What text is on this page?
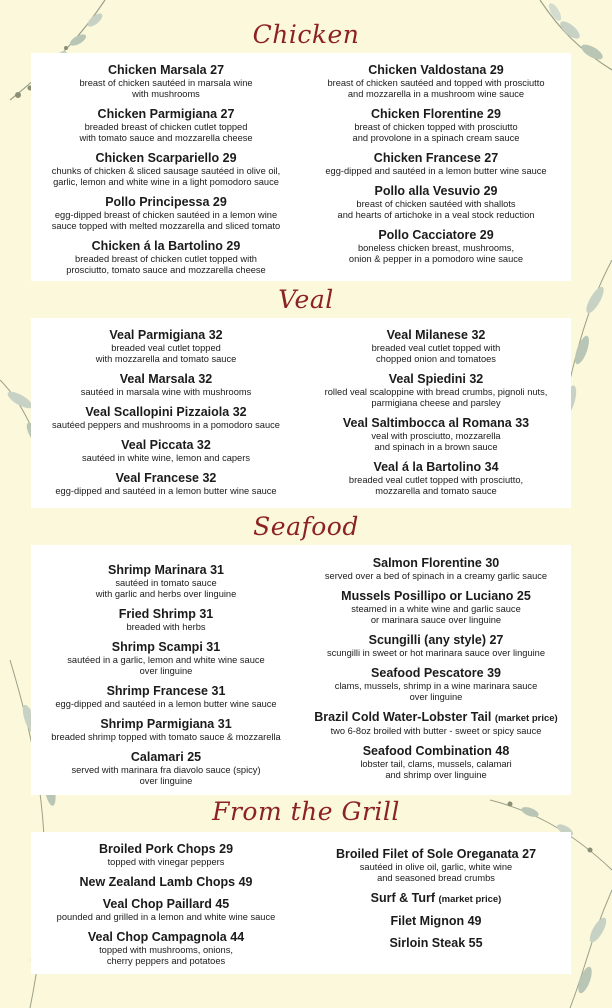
Chicken
Chicken Marsala 27
breast of chicken sautéed in marsala wine
with mushrooms
Chicken Parmigiana 27
breaded breast of chicken cutlet topped
with tomato sauce and mozzarella cheese
Chicken Scarpariello 29
chunks of chicken & sliced sausage sautéed in olive oil,
garlic, lemon and white wine in a light pomodoro sauce
Pollo Principessa 29
egg-dipped breast of chicken sautéed in a lemon wine
sauce topped with melted mozzarella and sliced tomato
Chicken á la Bartolino 29
breaded breast of chicken cutlet topped with
prosciutto, tomato sauce and mozzarella cheese
Chicken Valdostana 29
breast of chicken sautéed and topped with prosciutto
and mozzarella in a mushroom wine sauce
Chicken Florentine 29
breast of chicken topped with prosciutto
and provolone in a spinach cream sauce
Chicken Francese 27
egg-dipped and sautéed in a lemon butter wine sauce
Pollo alla Vesuvio 29
breast of chicken sautéed with shallots
and hearts of artichoke in a veal stock reduction
Pollo Cacciatore 29
boneless chicken breast, mushrooms,
onion & pepper in a pomodoro wine sauce
Veal
Veal Parmigiana 32
breaded veal cutlet topped
with mozzarella and tomato sauce
Veal Marsala 32
sautéed in marsala wine with mushrooms
Veal Scallopini Pizzaiola 32
sautéed peppers and mushrooms in a pomodoro sauce
Veal Piccata 32
sautéed in white wine, lemon and capers
Veal Francese 32
egg-dipped and sautéed in a lemon butter wine sauce
Veal Milanese 32
breaded veal cutlet topped with
chopped onion and tomatoes
Veal Spiedini 32
rolled veal scaloppine with bread crumbs, pignoli nuts,
parmigiana cheese and parsley
Veal Saltimbocca al Romana 33
veal with prosciutto, mozzarella
and spinach in a brown sauce
Veal á la Bartolino 34
breaded veal cutlet topped with prosciutto,
mozzarella and tomato sauce
Seafood
Shrimp Marinara 31
sautéed in tomato sauce
with garlic and herbs over linguine
Fried Shrimp 31
breaded with herbs
Shrimp Scampi 31
sautéed in a garlic, lemon and white wine sauce
over linguine
Shrimp Francese 31
egg-dipped and sautéed in a lemon butter wine sauce
Shrimp Parmigiana 31
breaded shrimp topped with tomato sauce & mozzarella
Calamari 25
served with marinara fra diavolo sauce (spicy)
over linguine
Salmon Florentine 30
served over a bed of spinach in a creamy garlic sauce
Mussels Posillipo or Luciano 25
steamed in a white wine and garlic sauce
or marinara sauce over linguine
Scungilli (any style) 27
scungilli in sweet or hot marinara sauce over linguine
Seafood Pescatore 39
clams, mussels, shrimp in a wine marinara sauce
over linguine
Brazil Cold Water-Lobster Tail (market price)
two 6-8oz broiled with butter - sweet or spicy sauce
Seafood Combination 48
lobster tail, clams, mussels, calamari
and shrimp over linguine
From the Grill
Broiled Pork Chops 29
topped with vinegar peppers
New Zealand Lamb Chops 49
Veal Chop Paillard 45
pounded and grilled in a lemon and white wine sauce
Veal Chop Campagnola 44
topped with mushrooms, onions,
cherry peppers and potatoes
Broiled Filet of Sole Oreganata 27
sautéed in olive oil, garlic, white wine
and seasoned bread crumbs
Surf & Turf (market price)
Filet Mignon 49
Sirloin Steak 55
